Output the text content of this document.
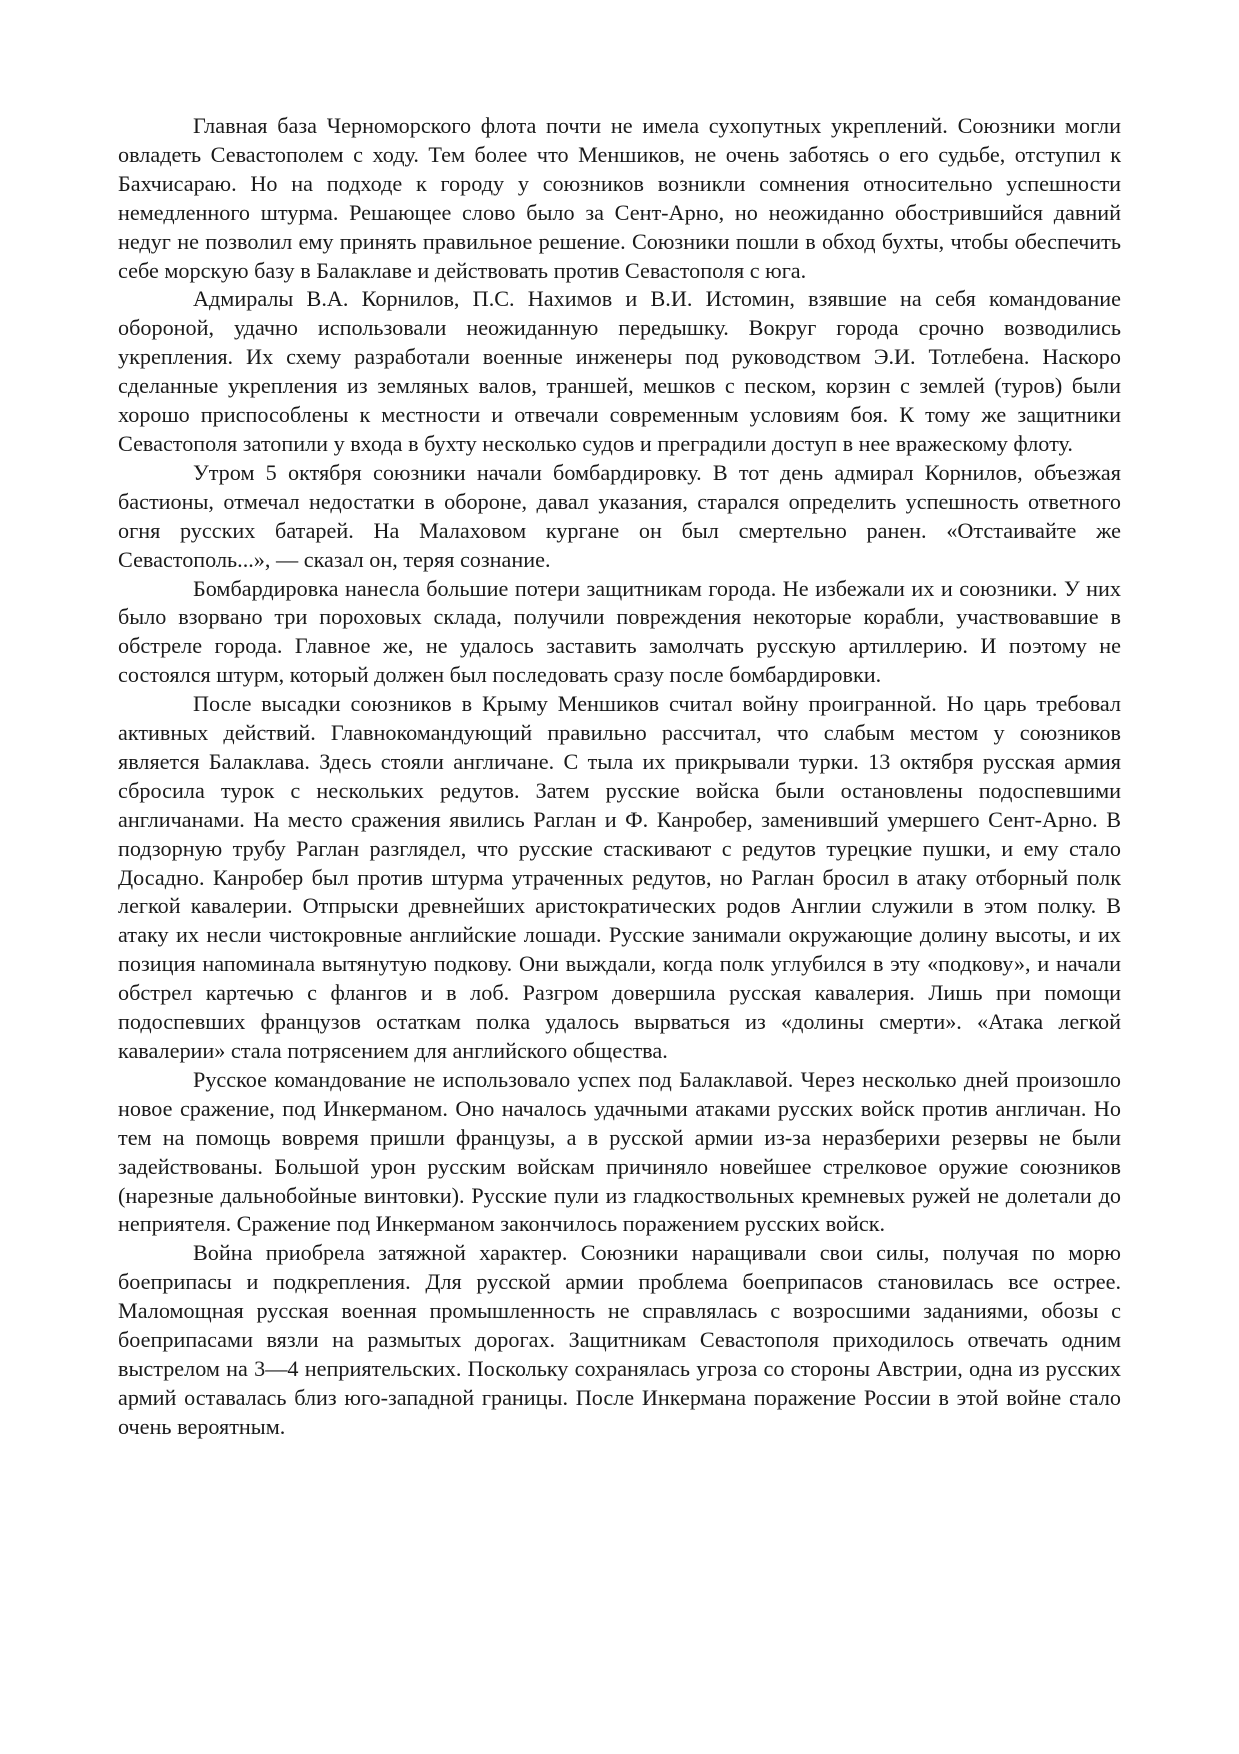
Главная база Черноморского флота почти не имела сухопутных укреплений. Союзники могли овладеть Севастополем с ходу. Тем более что Меншиков, не очень заботясь о его судьбе, отступил к Бахчисараю. Но на подходе к городу у союзников возникли сомнения относительно успешности немедленного штурма. Решающее слово было за Сент-Арно, но неожиданно обострившийся давний недуг не позволил ему принять правильное решение. Союзники пошли в обход бухты, чтобы обеспечить себе морскую базу в Балаклаве и действовать против Севастополя с юга.

Адмиралы В.А. Корнилов, П.С. Нахимов и В.И. Истомин, взявшие на себя командование обороной, удачно использовали неожиданную передышку. Вокруг города срочно возводились укрепления. Их схему разработали военные инженеры под руководством Э.И. Тотлебена. Наскоро сделанные укрепления из земляных валов, траншей, мешков с песком, корзин с землей (туров) были хорошо приспособлены к местности и отвечали современным условиям боя. К тому же защитники Севастополя затопили у входа в бухту несколько судов и преградили доступ в нее вражескому флоту.

Утром 5 октября союзники начали бомбардировку. В тот день адмирал Корнилов, объезжая бастионы, отмечал недостатки в обороне, давал указания, старался определить успешность ответного огня русских батарей. На Малаховом кургане он был смертельно ранен. «Отстаивайте же Севастополь...», — сказал он, теряя сознание.

Бомбардировка нанесла большие потери защитникам города. Не избежали их и союзники. У них было взорвано три пороховых склада, получили повреждения некоторые корабли, участвовавшие в обстреле города. Главное же, не удалось заставить замолчать русскую артиллерию. И поэтому не состоялся штурм, который должен был последовать сразу после бомбардировки.

После высадки союзников в Крыму Меншиков считал войну проигранной. Но царь требовал активных действий. Главнокомандующий правильно рассчитал, что слабым местом у союзников является Балаклава. Здесь стояли англичане. С тыла их прикрывали турки. 13 октября русская армия сбросила турок с нескольких редутов. Затем русские войска были остановлены подоспевшими англичанами. На место сражения явились Раглан и Ф. Канробер, заменивший умершего Сент-Арно. В подзорную трубу Раглан разглядел, что русские стаскивают с редутов турецкие пушки, и ему стало Досадно. Канробер был против штурма утраченных редутов, но Раглан бросил в атаку отборный полк легкой кавалерии. Отпрыски древнейших аристократических родов Англии служили в этом полку. В атаку их несли чистокровные английские лошади. Русские занимали окружающие долину высоты, и их позиция напоминала вытянутую подкову. Они выждали, когда полк углубился в эту «подкову», и начали обстрел картечью с флангов и в лоб. Разгром довершила русская кавалерия. Лишь при помощи подоспевших французов остаткам полка удалось вырваться из «долины смерти». «Атака легкой кавалерии» стала потрясением для английского общества.

Русское командование не использовало успех под Балаклавой. Через несколько дней произошло новое сражение, под Инкерманом. Оно началось удачными атаками русских войск против англичан. Но тем на помощь вовремя пришли французы, а в русской армии из-за неразберихи резервы не были задействованы. Большой урон русским войскам причиняло новейшее стрелковое оружие союзников (нарезные дальнобойные винтовки). Русские пули из гладкоствольных кремневых ружей не долетали до неприятеля. Сражение под Инкерманом закончилось поражением русских войск.

Война приобрела затяжной характер. Союзники наращивали свои силы, получая по морю боеприпасы и подкрепления. Для русской армии проблема боеприпасов становилась все острее. Маломощная русская военная промышленность не справлялась с возросшими заданиями, обозы с боеприпасами вязли на размытых дорогах. Защитникам Севастополя приходилось отвечать одним выстрелом на 3—4 неприятельских. Поскольку сохранялась угроза со стороны Австрии, одна из русских армий оставалась близ юго-западной границы. После Инкермана поражение России в этой войне стало очень вероятным.
